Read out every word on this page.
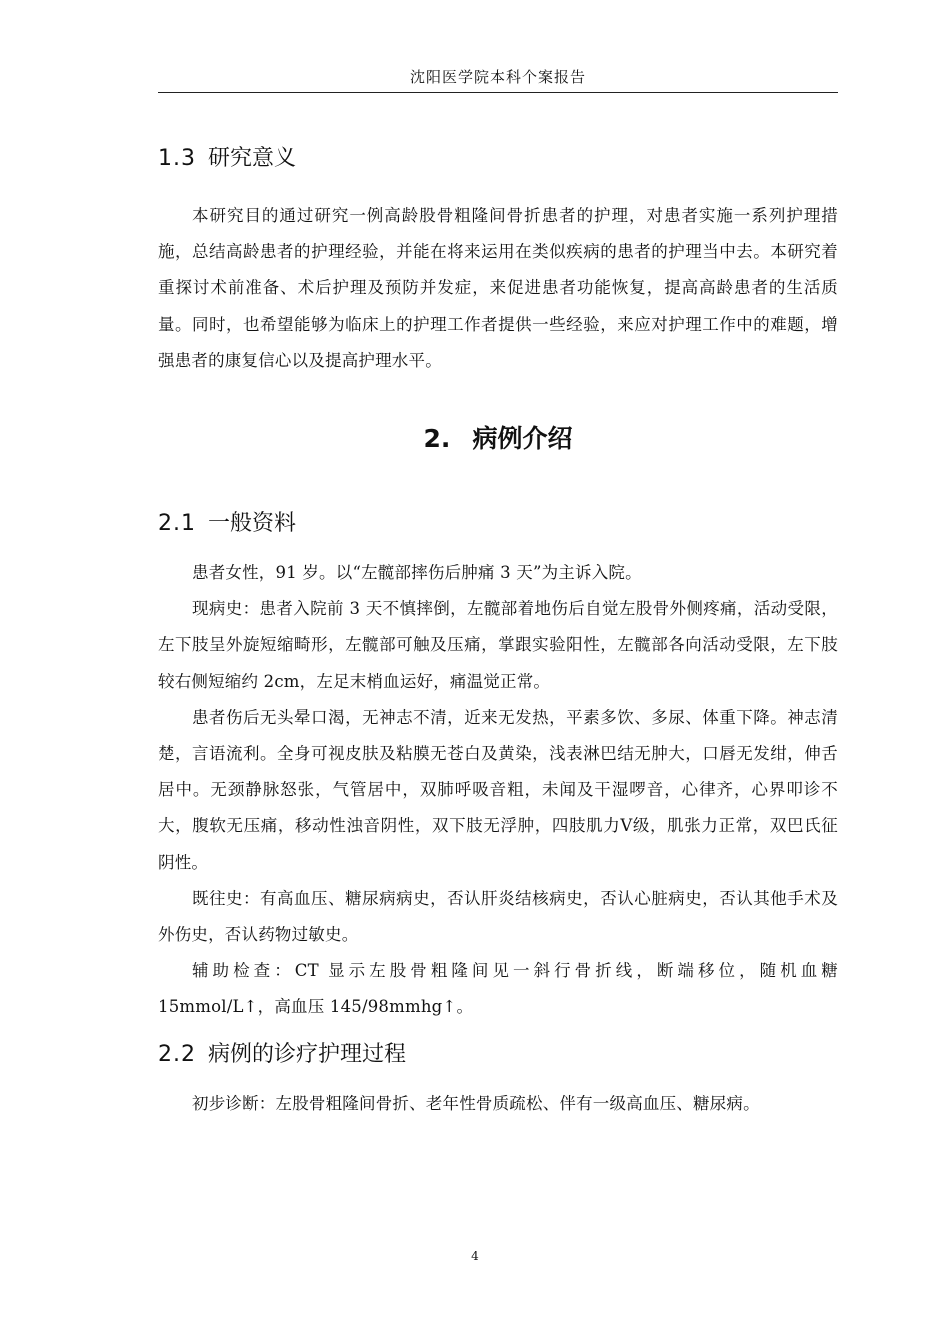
沈阳医学院本科个案报告
1.3 研究意义

本研究目的通过研究一例高龄股骨粗隆间骨折患者的护理，对患者实施一系列护理措施，总结高龄患者的护理经验，并能在将来运用在类似疾病的患者的护理当中去。本研究着重探讨术前准备、术后护理及预防并发症，来促进患者功能恢复，提高高龄患者的生活质量。同时，也希望能够为临床上的护理工作者提供一些经验，来应对护理工作中的难题，增强患者的康复信心以及提高护理水平。

2. 病例介绍
2.1 一般资料

患者女性，91 岁。以“左髋部摔伤后肿痛 3 天”为主诉入院。

现病史：患者入院前 3 天不慎摔倒，左髋部着地伤后自觉左股骨外侧疼痛，活动受限，左下肢呈外旋短缩畸形，左髋部可触及压痛，掌跟实验阳性，左髋部各向活动受限，左下肢较右侧短缩约 2cm，左足末梢血运好，痛温觉正常。

患者伤后无头晕口渴，无神志不清，近来无发热，平素多饮、多尿、体重下降。神志清楚，言语流利。全身可视皮肤及粘膜无苍白及黄染，浅表淋巴结无肿大，口唇无发绀，伸舌居中。无颈静脉怒张，气管居中，双肺呼吸音粗，未闻及干湿啰音，心律齐，心界叩诊不大，腹软无压痛，移动性浊音阴性，双下肢无浮肿，四肢肌力Ⅴ级，肌张力正常，双巴氏征阴性。

既往史：有高血压、糖尿病病史，否认肝炎结核病史，否认心脏病史，否认其他手术及外伤史，否认药物过敏史。

辅助检查：CT 显示左股骨粗隆间见一斜行骨折线，断端移位，随机血糖 15mmol/L↑，高血压 145/98mmhg↑。

2.2 病例的诊疗护理过程

初步诊断：左股骨粗隆间骨折、老年性骨质疏松、伴有一级高血压、糖尿病。

4
